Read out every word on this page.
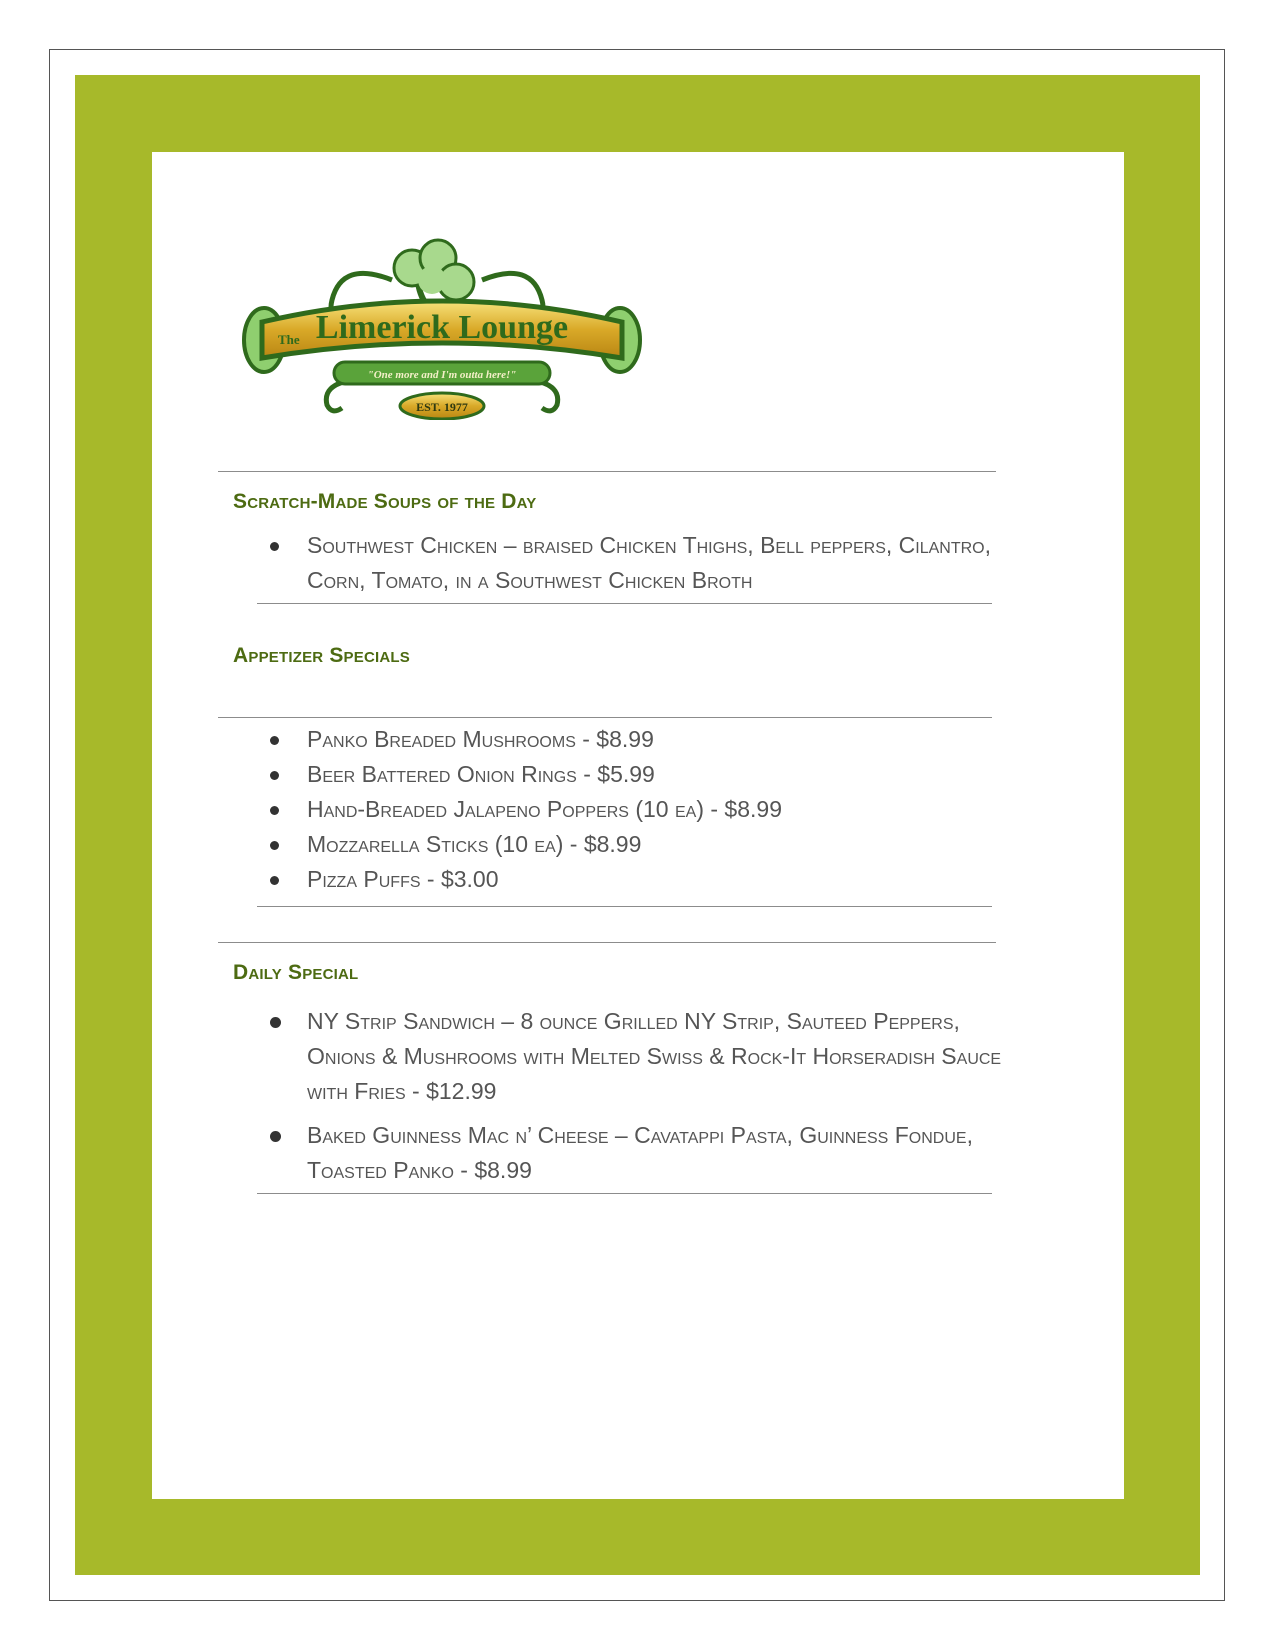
The Limerick Lounge
"One more and I'm outta here!"
EST. 1977
Scratch-Made Soups of the Day
Southwest Chicken – braised Chicken Thighs, Bell peppers, Cilantro, Corn, Tomato, in a Southwest Chicken Broth
Appetizer Specials
Panko Breaded Mushrooms - $8.99
Beer Battered Onion Rings - $5.99
Hand-Breaded Jalapeno Poppers (10 ea) - $8.99
Mozzarella Sticks (10 ea) - $8.99
Pizza Puffs - $3.00
Daily Special
NY Strip Sandwich – 8 ounce Grilled NY Strip, Sauteed Peppers, Onions & Mushrooms with Melted Swiss & Rock-It Horseradish Sauce with Fries - $12.99
Baked Guinness Mac n’ Cheese – Cavatappi Pasta, Guinness Fondue, Toasted Panko - $8.99
